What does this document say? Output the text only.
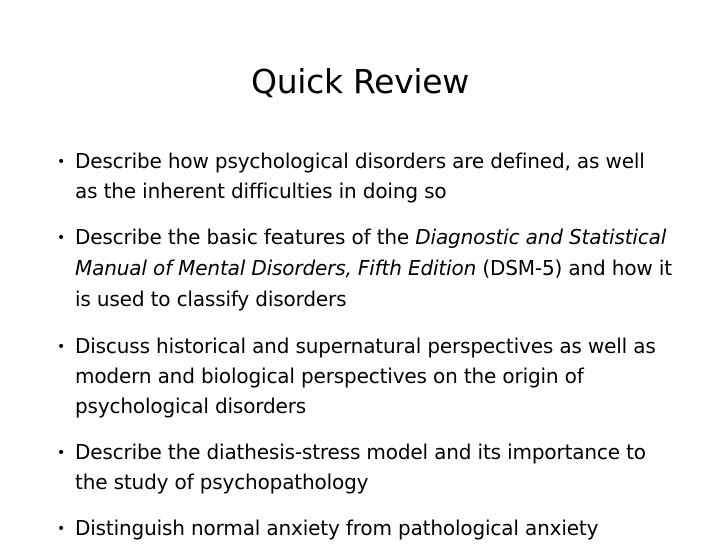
Quick Review
• Describe how psychological disorders are defined, as well as the inherent difficulties in doing so
• Describe the basic features of the Diagnostic and Statistical Manual of Mental Disorders, Fifth Edition (DSM-5) and how it is used to classify disorders
• Discuss historical and supernatural perspectives as well as modern and biological perspectives on the origin of psychological disorders
• Describe the diathesis-stress model and its importance to the study of psychopathology
• Distinguish normal anxiety from pathological anxiety
